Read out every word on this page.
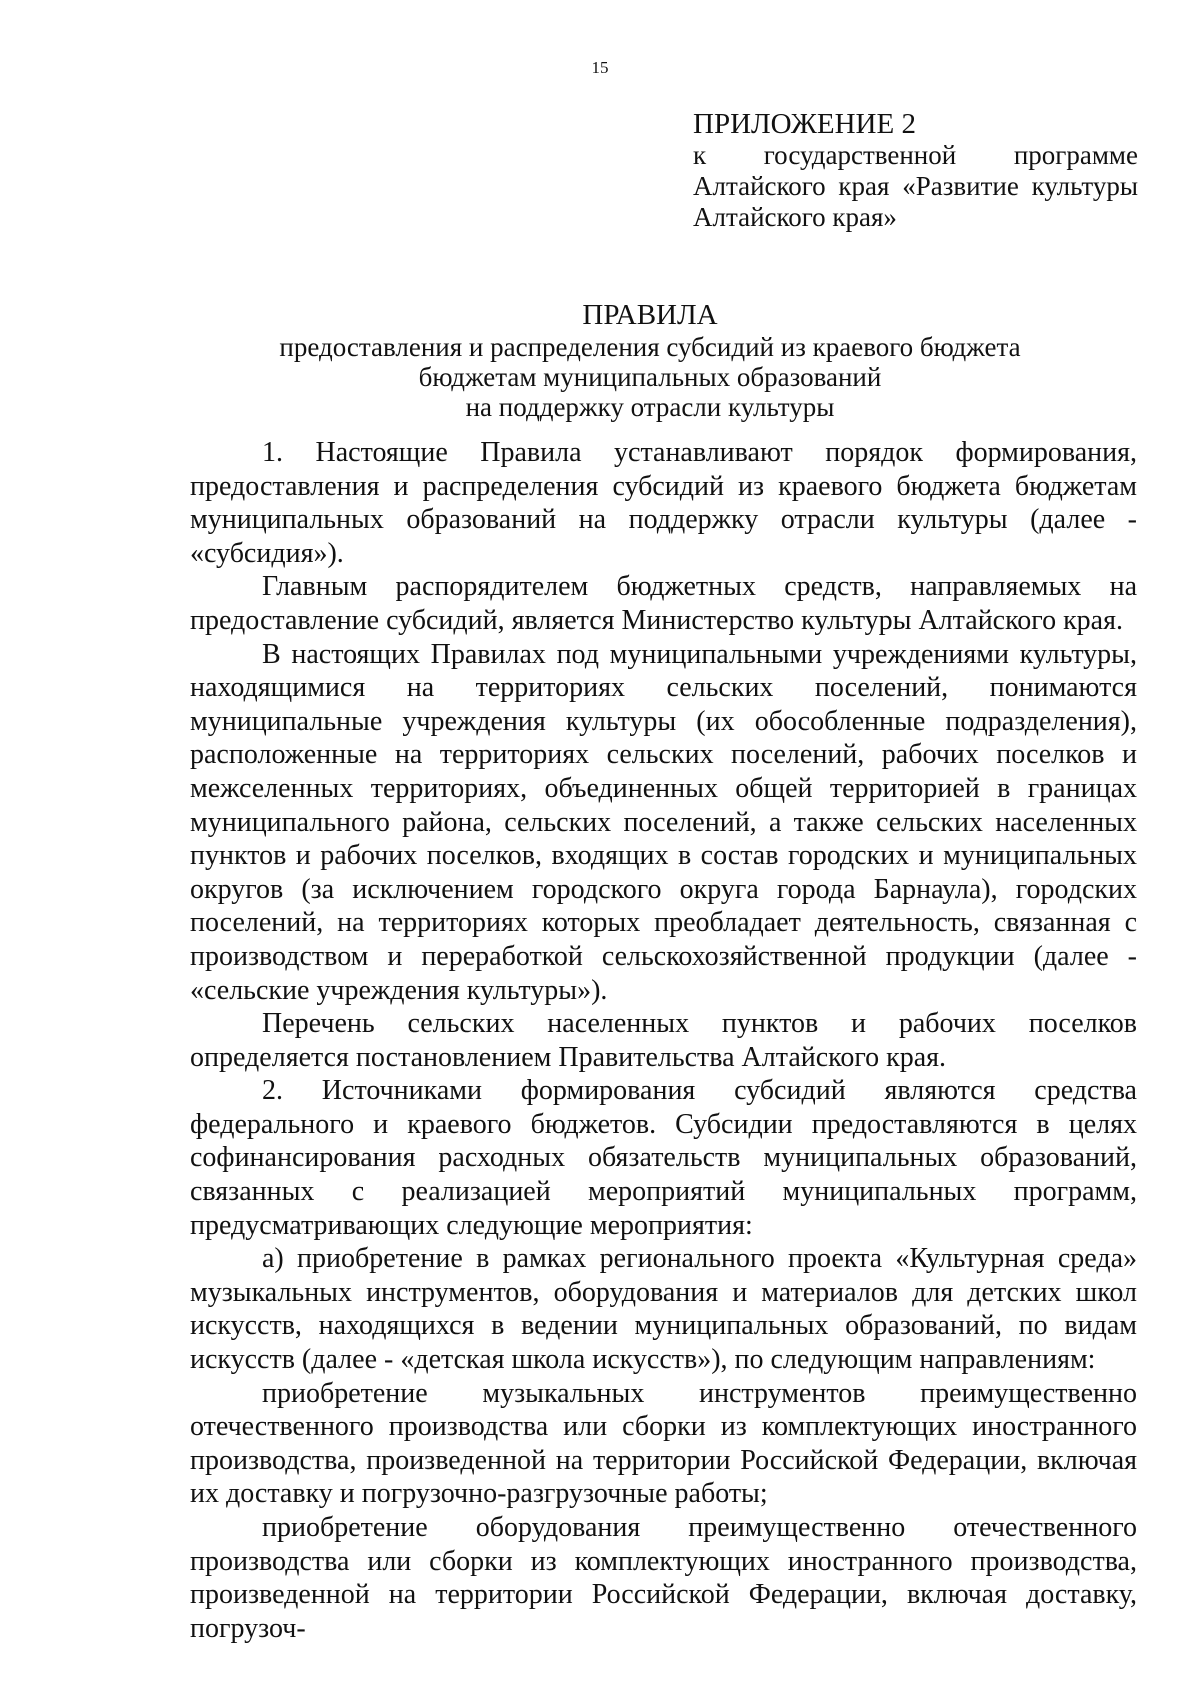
15
ПРИЛОЖЕНИЕ 2
к государственной программе Алтайского края «Развитие культуры Алтайского края»
ПРАВИЛА
предоставления и распределения субсидий из краевого бюджета
бюджетам муниципальных образований
на поддержку отрасли культуры

1. Настоящие Правила устанавливают порядок формирования, предоставления и распределения субсидий из краевого бюджета бюджетам муниципальных образований на поддержку отрасли культуры (далее - «субсидия»).

Главным распорядителем бюджетных средств, направляемых на предоставление субсидий, является Министерство культуры Алтайского края.

В настоящих Правилах под муниципальными учреждениями культуры, находящимися на территориях сельских поселений, понимаются муниципальные учреждения культуры (их обособленные подразделения), расположенные на территориях сельских поселений, рабочих поселков и межселенных территориях, объединенных общей территорией в границах муниципального района, сельских поселений, а также сельских населенных пунктов и рабочих поселков, входящих в состав городских и муниципальных округов (за исключением городского округа города Барнаула), городских поселений, на территориях которых преобладает деятельность, связанная с производством и переработкой сельскохозяйственной продукции (далее - «сельские учреждения культуры»).

Перечень сельских населенных пунктов и рабочих поселков определяется постановлением Правительства Алтайского края.

2. Источниками формирования субсидий являются средства федерального и краевого бюджетов. Субсидии предоставляются в целях софинансирования расходных обязательств муниципальных образований, связанных с реализацией мероприятий муниципальных программ, предусматривающих следующие мероприятия:

а) приобретение в рамках регионального проекта «Культурная среда» музыкальных инструментов, оборудования и материалов для детских школ искусств, находящихся в ведении муниципальных образований, по видам искусств (далее - «детская школа искусств»), по следующим направлениям:

приобретение музыкальных инструментов преимущественно отечественного производства или сборки из комплектующих иностранного производства, произведенной на территории Российской Федерации, включая их доставку и погрузочно-разгрузочные работы;

приобретение оборудования преимущественно отечественного производства или сборки из комплектующих иностранного производства, произведенной на территории Российской Федерации, включая доставку, погрузоч-
